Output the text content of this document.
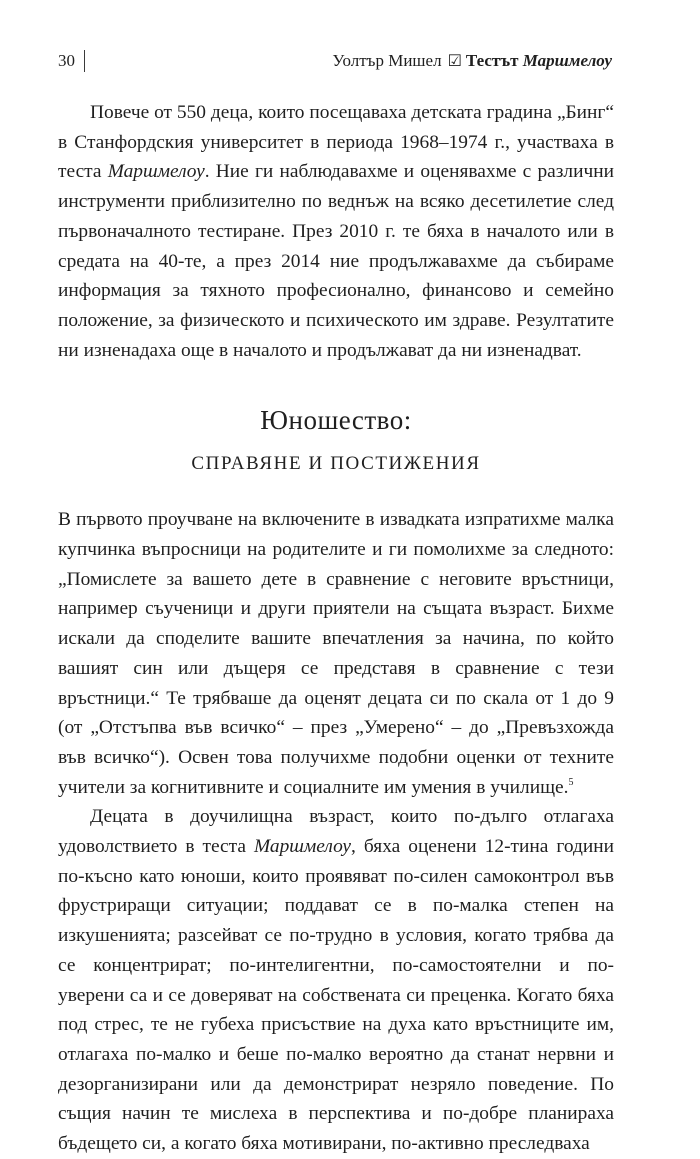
30	Уолтър Мишел ☑ Тестът Маршмелоу

Повече от 550 деца, които посещаваха детската градина „Бинг“ в Станфордския университет в периода 1968–1974 г., участваха в теста Маршмелоу. Ние ги наблюдавахме и оценявахме с различни инструменти приблизително по веднъж на всяко десетилетие след първоначалното тестиране. През 2010 г. те бяха в началото или в средата на 40-те, а през 2014 ние продължавахме да събираме информация за тяхното професионално, финансово и семейно положение, за физическото и психическото им здраве. Резултатите ни изненадаха още в началото и продължават да ни изненадват.

Юношество:
СПРАВЯНЕ И ПОСТИЖЕНИЯ

В първото проучване на включените в извадката изпратихме малка купчинка въпросници на родителите и ги помолихме за следното: „Помислете за вашето дете в сравнение с неговите връстници, например съученици и други приятели на същата възраст. Бихме искали да споделите вашите впечатления за начина, по който вашият син или дъщеря се представя в сравнение с тези връстници.“ Те трябваше да оценят децата си по скала от 1 до 9 (от „Отстъпва във всичко“ – през „Умерено“ – до „Превъзхожда във всичко“). Освен това получихме подобни оценки от техните учители за когнитивните и социалните им умения в училище.$^5$

Децата в доучилищна възраст, които по-дълго отлагаха удоволствието в теста Маршмелоу, бяха оценени 12-тина години по-късно като юноши, които проявяват по-силен самоконтрол във фрустриращи ситуации; поддават се в по-малка степен на изкушенията; разсейват се по-трудно в условия, когато трябва да се концентрират; по-интелигентни, по-самостоятелни и по-уверени са и се доверяват на собствената си преценка. Когато бяха под стрес, те не губеха присъствие на духа като връстниците им, отлагаха по-малко и беше по-малко вероятно да станат нервни и дезорганизирани или да демонстрират незряло поведение. По същия начин те мислеха в перспектива и по-добре планираха бъдещето си, а когато бяха мотивирани, по-активно преследваха
